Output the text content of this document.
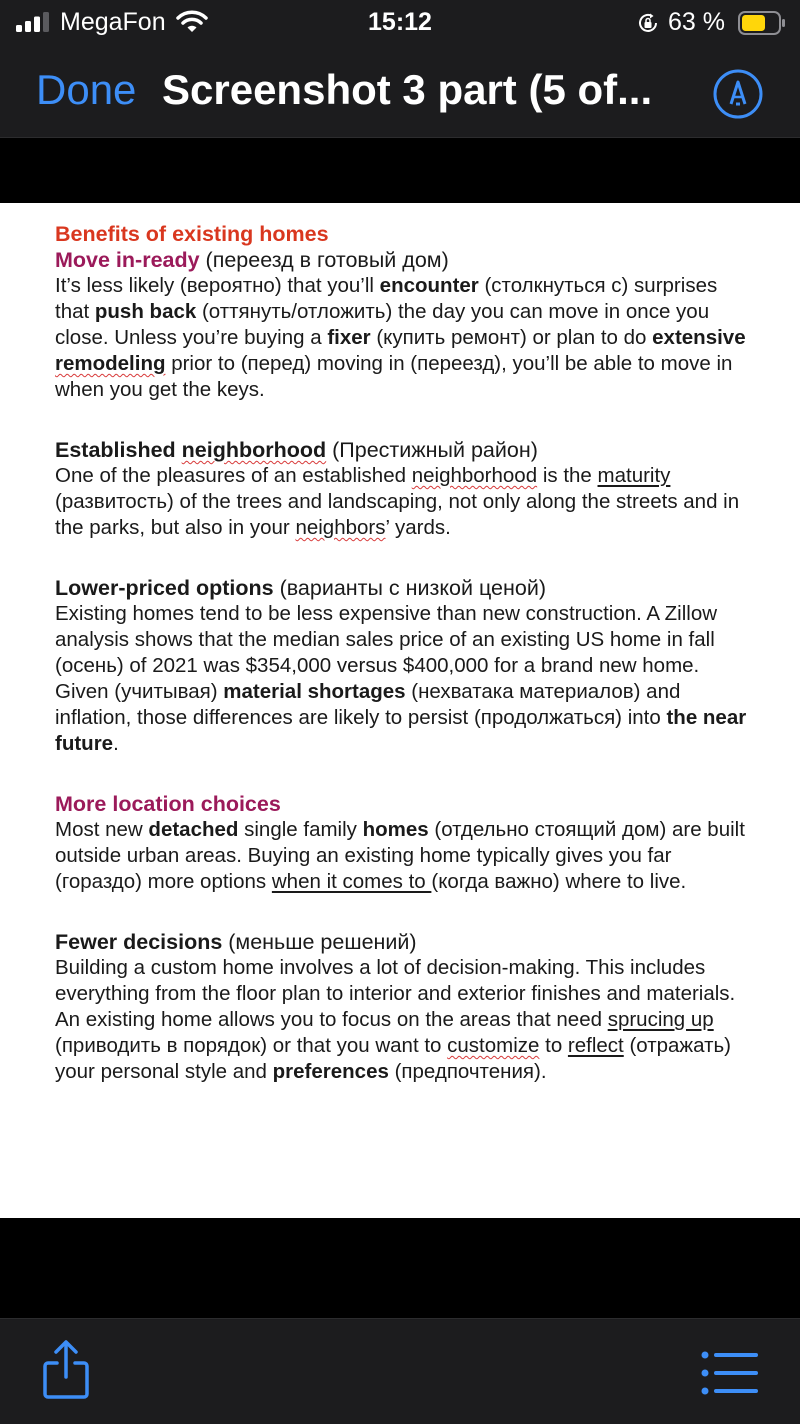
MegaFon	15:12	63 %
Done Screenshot 3 part (5 of...

Benefits of existing homes

Move in-ready (переезд в готовый дом)

It’s less likely (вероятно) that you’ll encounter (столкнуться с) surprises that push back (оттянуть/отложить) the day you can move in once you close. Unless you’re buying a fixer (купить ремонт) or plan to do extensive remodeling prior to (перед) moving in (переезд), you’ll be able to move in when you get the keys.

Established neighborhood (Престижный район)

One of the pleasures of an established neighborhood is the maturity (развитость) of the trees and landscaping, not only along the streets and in the parks, but also in your neighbors’ yards.

Lower-priced options (варианты с низкой ценой)

Existing homes tend to be less expensive than new construction. A Zillow analysis shows that the median sales price of an existing US home in fall (осень) of 2021 was $354,000 versus $400,000 for a brand new home. Given (учитывая) material shortages (нехватака материалов) and inflation, those differences are likely to persist (продолжаться) into the near future.

More location choices

Most new detached single family homes (отдельно стоящий дом) are built outside urban areas. Buying an existing home typically gives you far (гораздо) more options when it comes to (когда важно) where to live.

Fewer decisions (меньше решений)

Building a custom home involves a lot of decision-making. This includes everything from the floor plan to interior and exterior finishes and materials. An existing home allows you to focus on the areas that need sprucing up (приводить в порядок) or that you want to customize to reflect (отражать) your personal style and preferences (предпочтения).
